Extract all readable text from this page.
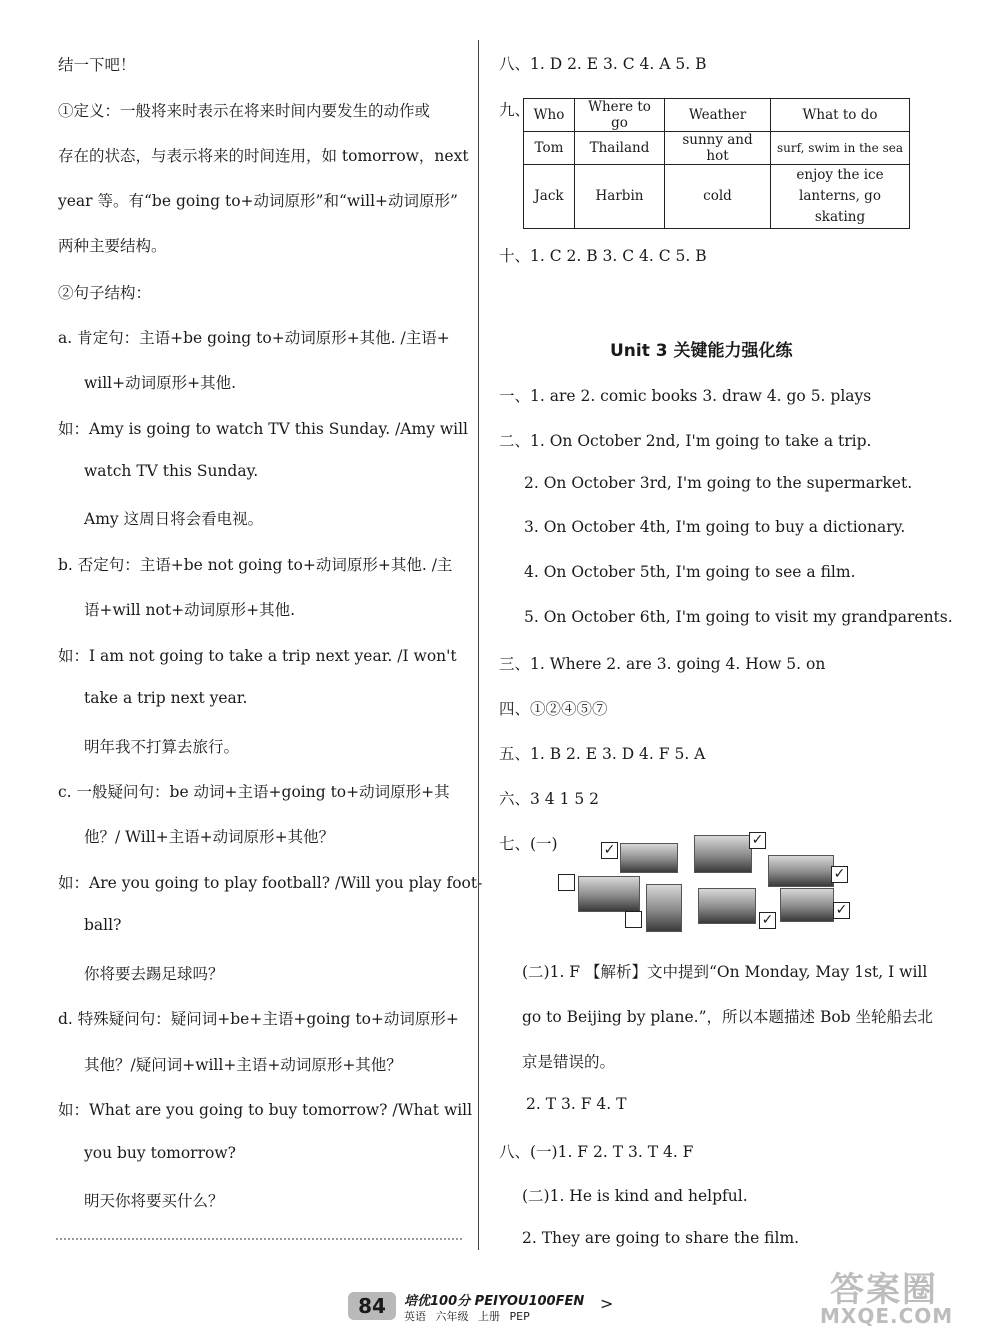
结一下吧！
①定义：一般将来时表示在将来时间内要发生的动作或
存在的状态，与表示将来的时间连用，如 tomorrow，next
year 等。有“be going to+动词原形”和“will+动词原形”
两种主要结构。
②句子结构：
a. 肯定句：主语+be going to+动词原形+其他. /主语+
will+动词原形+其他.
如：Amy is going to watch TV this Sunday. /Amy will
watch TV this Sunday.
Amy 这周日将会看电视。
b. 否定句：主语+be not going to+动词原形+其他. /主
语+will not+动词原形+其他.
如：I am not going to take a trip next year. /I won't
take a trip next year.
明年我不打算去旅行。
c. 一般疑问句：be 动词+主语+going to+动词原形+其
他？/ Will+主语+动词原形+其他？
如：Are you going to play football? /Will you play foot-
ball?
你将要去踢足球吗？
d. 特殊疑问句：疑问词+be+主语+going to+动词原形+
其他？/疑问词+will+主语+动词原形+其他？
如：What are you going to buy tomorrow? /What will
you buy tomorrow?
明天你将要买什么？
八、1. D 2. E 3. C 4. A 5. B
九、 Who	Where to go	Weather	What to do
Tom	Thailand	sunny and hot	surf, swim in the sea
Jack	Harbin	cold	enjoy the ice lanterns, go skating
十、1. C 2. B 3. C 4. C 5. B
Unit 3 关键能力强化练
一、1. are 2. comic books 3. draw 4. go 5. plays
二、1. On October 2nd, I'm going to take a trip.
2. On October 3rd, I'm going to the supermarket.
3. On October 4th, I'm going to buy a dictionary.
4. On October 5th, I'm going to see a film.
5. On October 6th, I'm going to visit my grandparents.
三、1. Where 2. are 3. going 4. How 5. on
四、①②④⑤⑦
五、1. B 2. E 3. D 4. F 5. A
六、3 4 1 5 2
七、(一)	✓
✓
✓
✓
✓
(二)1. F 【解析】文中提到“On Monday, May 1st, I will
go to Beijing by plane.”，所以本题描述 Bob 坐轮船去北
京是错误的。
2. T 3. F 4. T
八、(一)1. F 2. T 3. T 4. F
(二)1. He is kind and helpful.
2. They are going to share the film.
84	培优100分 PEIYOU100FEN
英语 六年级 上册 PEP
>	答案圈
MXQE.COM
